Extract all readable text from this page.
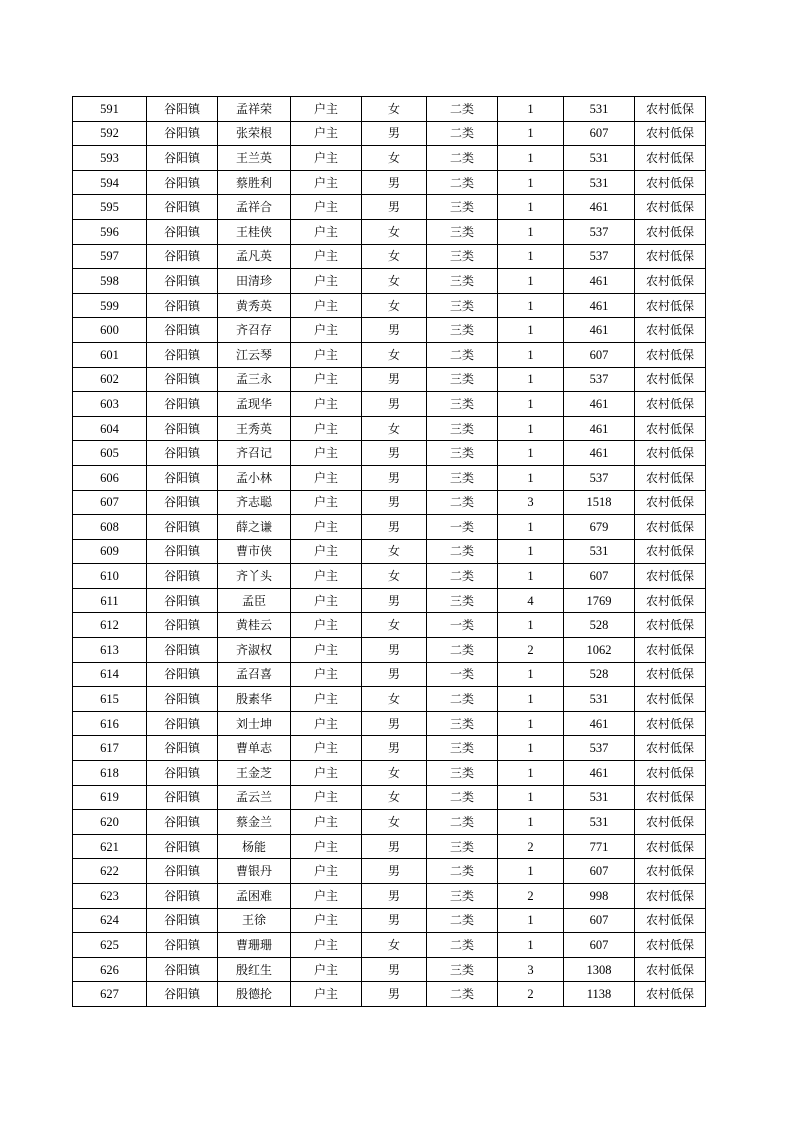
591	谷阳镇	孟祥荣	户主	女	二类	1	531	农村低保
592	谷阳镇	张荣根	户主	男	二类	1	607	农村低保
593	谷阳镇	王兰英	户主	女	二类	1	531	农村低保
594	谷阳镇	蔡胜利	户主	男	二类	1	531	农村低保
595	谷阳镇	孟祥合	户主	男	三类	1	461	农村低保
596	谷阳镇	王桂侠	户主	女	三类	1	537	农村低保
597	谷阳镇	孟凡英	户主	女	三类	1	537	农村低保
598	谷阳镇	田清珍	户主	女	三类	1	461	农村低保
599	谷阳镇	黄秀英	户主	女	三类	1	461	农村低保
600	谷阳镇	齐召存	户主	男	三类	1	461	农村低保
601	谷阳镇	江云琴	户主	女	二类	1	607	农村低保
602	谷阳镇	孟三永	户主	男	三类	1	537	农村低保
603	谷阳镇	孟现华	户主	男	三类	1	461	农村低保
604	谷阳镇	王秀英	户主	女	三类	1	461	农村低保
605	谷阳镇	齐召记	户主	男	三类	1	461	农村低保
606	谷阳镇	孟小林	户主	男	三类	1	537	农村低保
607	谷阳镇	齐志聪	户主	男	二类	3	1518	农村低保
608	谷阳镇	薛之谦	户主	男	一类	1	679	农村低保
609	谷阳镇	曹市侠	户主	女	二类	1	531	农村低保
610	谷阳镇	齐丫头	户主	女	二类	1	607	农村低保
611	谷阳镇	孟臣	户主	男	三类	4	1769	农村低保
612	谷阳镇	黄桂云	户主	女	一类	1	528	农村低保
613	谷阳镇	齐淑权	户主	男	二类	2	1062	农村低保
614	谷阳镇	孟召喜	户主	男	一类	1	528	农村低保
615	谷阳镇	殷素华	户主	女	二类	1	531	农村低保
616	谷阳镇	刘士坤	户主	男	三类	1	461	农村低保
617	谷阳镇	曹单志	户主	男	三类	1	537	农村低保
618	谷阳镇	王金芝	户主	女	三类	1	461	农村低保
619	谷阳镇	孟云兰	户主	女	二类	1	531	农村低保
620	谷阳镇	蔡金兰	户主	女	二类	1	531	农村低保
621	谷阳镇	杨能	户主	男	三类	2	771	农村低保
622	谷阳镇	曹银丹	户主	男	二类	1	607	农村低保
623	谷阳镇	孟困难	户主	男	三类	2	998	农村低保
624	谷阳镇	王徐	户主	男	二类	1	607	农村低保
625	谷阳镇	曹珊珊	户主	女	二类	1	607	农村低保
626	谷阳镇	殷红生	户主	男	三类	3	1308	农村低保
627	谷阳镇	殷德抡	户主	男	二类	2	1138	农村低保
